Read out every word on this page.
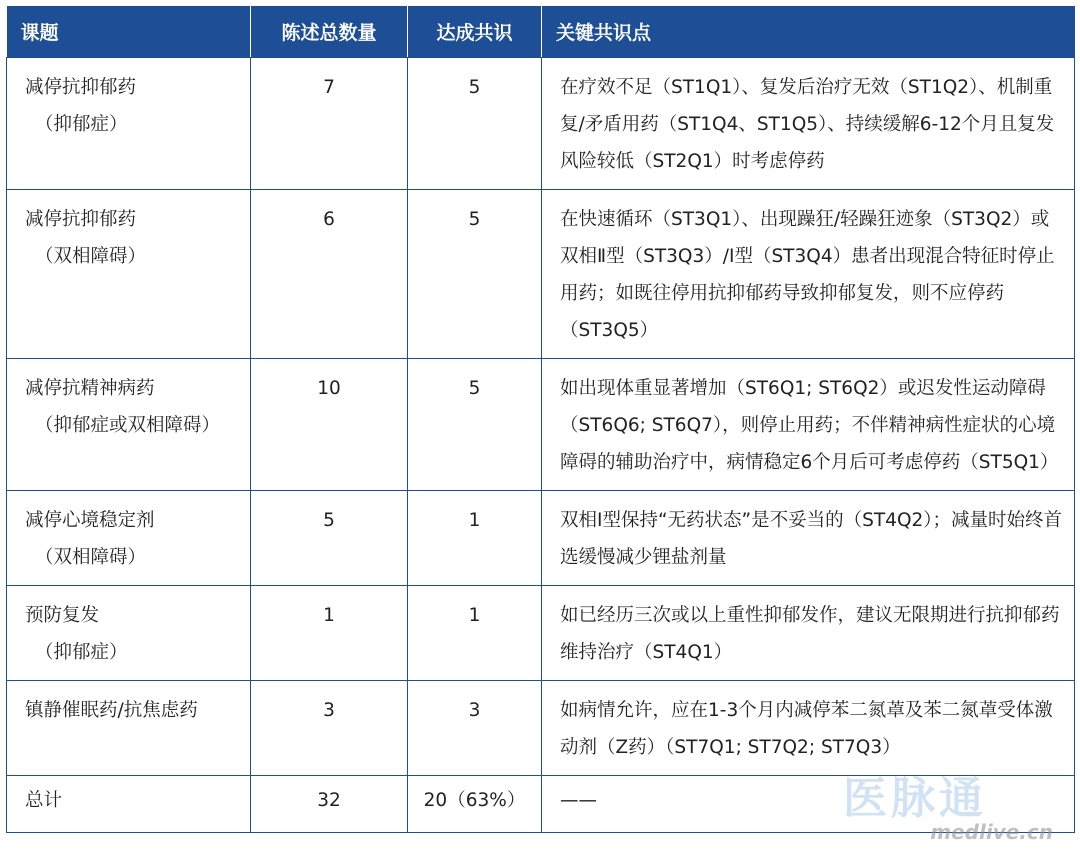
课题	陈述总数量	达成共识	关键共识点

减停抗抑郁药
（抑郁症）	7	5	在疗效不足（ST1Q1）、复发后治疗无效（ST1Q2）、机制重复/矛盾用药（ST1Q4、ST1Q5）、持续缓解6-12个月且复发风险较低（ST2Q1）时考虑停药

减停抗抑郁药
（双相障碍）	6	5	在快速循环（ST3Q1）、出现躁狂/轻躁狂迹象（ST3Q2）或双相Ⅱ型（ST3Q3）/Ⅰ型（ST3Q4）患者出现混合特征时停止用药；如既往停用抗抑郁药导致抑郁复发，则不应停药（ST3Q5）

减停抗精神病药
（抑郁症或双相障碍）	10	5	如出现体重显著增加（ST6Q1; ST6Q2）或迟发性运动障碍（ST6Q6; ST6Q7），则停止用药；不伴精神病性症状的心境障碍的辅助治疗中，病情稳定6个月后可考虑停药（ST5Q1）

减停心境稳定剂
（双相障碍）	5	1	双相Ⅰ型保持“无药状态”是不妥当的（ST4Q2）；减量时始终首选缓慢减少锂盐剂量

预防复发
（抑郁症）	1	1	如已经历三次或以上重性抑郁发作，建议无限期进行抗抑郁药维持治疗（ST4Q1）

镇静催眠药/抗焦虑药	3	3	如病情允许，应在1-3个月内减停苯二氮䓬及苯二氮䓬受体激动剂（Z药）（ST7Q1; ST7Q2; ST7Q3）
总计	32	20（63%）	——	医脉通
medlive.cn
